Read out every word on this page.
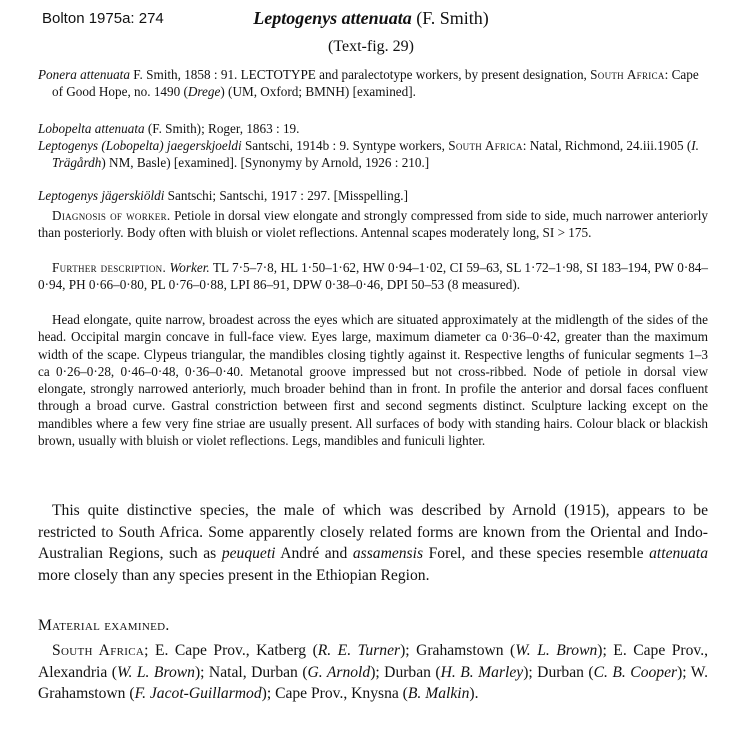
Bolton 1975a: 274	Leptogenys attenuata (F. Smith)
(Text-fig. 29)

Ponera attenuata F. Smith, 1858 : 91. LECTOTYPE and paralectotype workers, by present designation, South Africa: Cape of Good Hope, no. 1490 (Drege) (UM, Oxford; BMNH) [examined].

Lobopelta attenuata (F. Smith); Roger, 1863 : 19.

Leptogenys (Lobopelta) jaegerskjoeldi Santschi, 1914b : 9. Syntype workers, South Africa: Natal, Richmond, 24.iii.1905 (I. Trägårdh) NM, Basle) [examined]. [Synonymy by Arnold, 1926 : 210.]

Leptogenys jägerskiöldi Santschi; Santschi, 1917 : 297. [Misspelling.]

Diagnosis of worker. Petiole in dorsal view elongate and strongly compressed from side to side, much narrower anteriorly than posteriorly. Body often with bluish or violet reflections. Antennal scapes moderately long, SI > 175.

Further description. Worker. TL 7·5–7·8, HL 1·50–1·62, HW 0·94–1·02, CI 59–63, SL 1·72–1·98, SI 183–194, PW 0·84–0·94, PH 0·66–0·80, PL 0·76–0·88, LPI 86–91, DPW 0·38–0·46, DPI 50–53 (8 measured).

Head elongate, quite narrow, broadest across the eyes which are situated approximately at the midlength of the sides of the head. Occipital margin concave in full-face view. Eyes large, maximum diameter ca 0·36–0·42, greater than the maximum width of the scape. Clypeus triangular, the mandibles closing tightly against it. Respective lengths of funicular segments 1–3 ca 0·26–0·28, 0·46–0·48, 0·36–0·40. Metanotal groove impressed but not cross-ribbed. Node of petiole in dorsal view elongate, strongly narrowed anteriorly, much broader behind than in front. In profile the anterior and dorsal faces confluent through a broad curve. Gastral constriction between first and second segments distinct. Sculpture lacking except on the mandibles where a few very fine striae are usually present. All surfaces of body with standing hairs. Colour black or blackish brown, usually with bluish or violet reflections. Legs, mandibles and funiculi lighter.

This quite distinctive species, the male of which was described by Arnold (1915), appears to be restricted to South Africa. Some apparently closely related forms are known from the Oriental and Indo-Australian Regions, such as peuqueti André and assamensis Forel, and these species resemble attenuata more closely than any species present in the Ethiopian Region.

Material examined.

South Africa; E. Cape Prov., Katberg (R. E. Turner); Grahamstown (W. L. Brown); E. Cape Prov., Alexandria (W. L. Brown); Natal, Durban (G. Arnold); Durban (H. B. Marley); Durban (C. B. Cooper); W. Grahamstown (F. Jacot-Guillarmod); Cape Prov., Knysna (B. Malkin).
